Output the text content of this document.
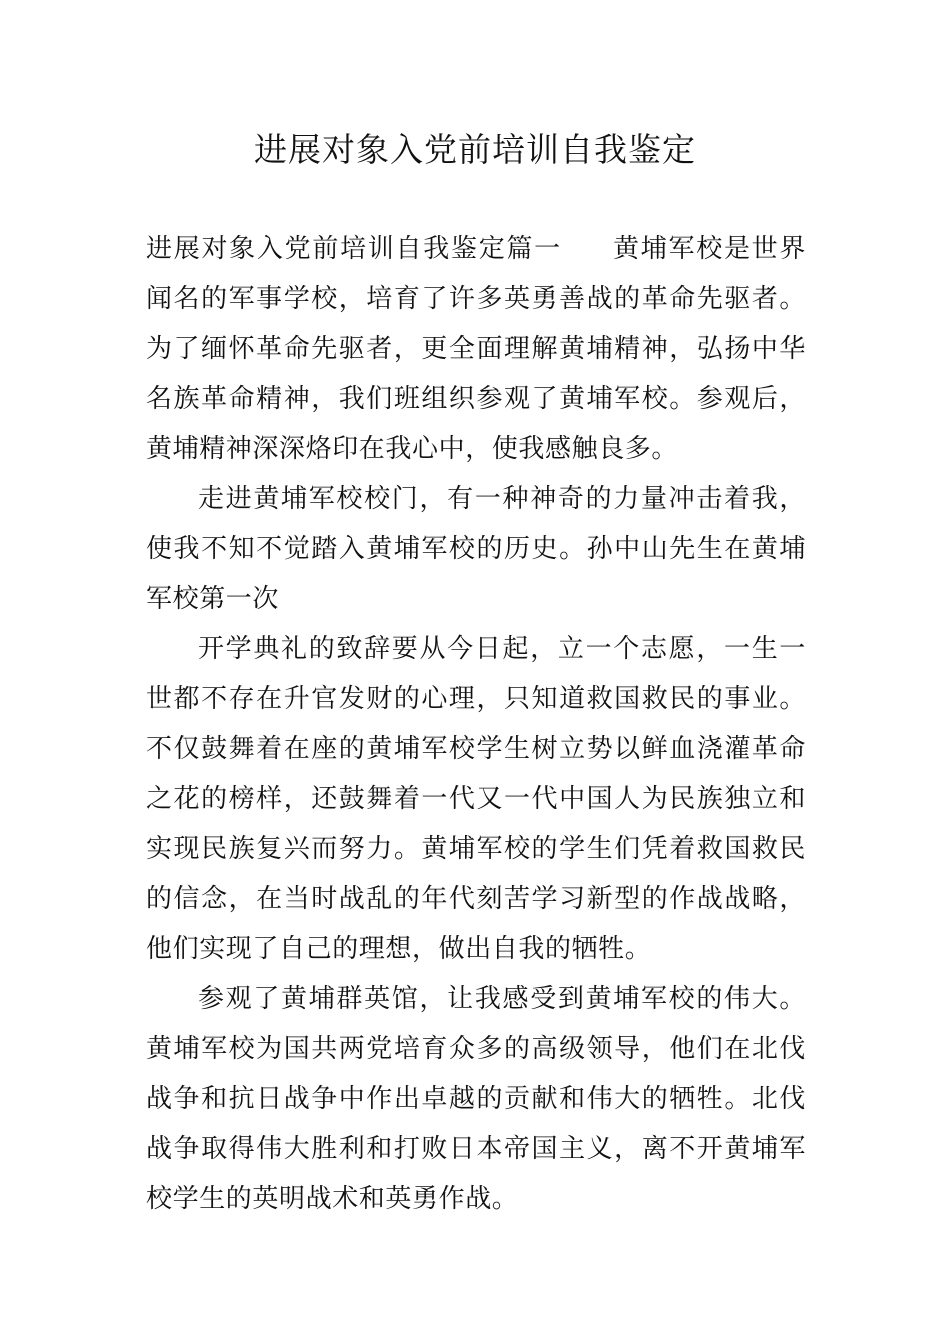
进展对象入党前培训自我鉴定

进展对象入党前培训自我鉴定篇一 黄埔军校是世界闻名的军事学校，培育了许多英勇善战的革命先驱者。为了缅怀革命先驱者，更全面理解黄埔精神，弘扬中华名族革命精神，我们班组织参观了黄埔军校。参观后，黄埔精神深深烙印在我心中，使我感触良多。

走进黄埔军校校门，有一种神奇的力量冲击着我，使我不知不觉踏入黄埔军校的历史。孙中山先生在黄埔军校第一次

开学典礼的致辞要从今日起，立一个志愿，一生一世都不存在升官发财的心理，只知道救国救民的事业。不仅鼓舞着在座的黄埔军校学生树立势以鲜血浇灌革命之花的榜样，还鼓舞着一代又一代中国人为民族独立和实现民族复兴而努力。黄埔军校的学生们凭着救国救民的信念，在当时战乱的年代刻苦学习新型的作战战略，他们实现了自己的理想，做出自我的牺牲。

参观了黄埔群英馆，让我感受到黄埔军校的伟大。黄埔军校为国共两党培育众多的高级领导，他们在北伐战争和抗日战争中作出卓越的贡献和伟大的牺牲。北伐战争取得伟大胜利和打败日本帝国主义，离不开黄埔军校学生的英明战术和英勇作战。
